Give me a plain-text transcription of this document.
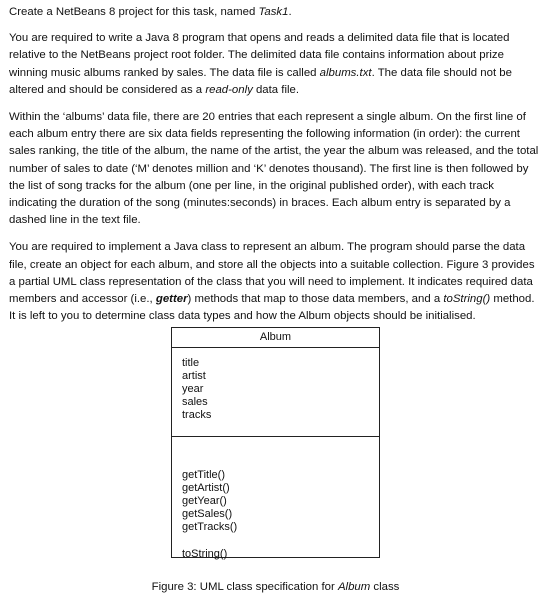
Create a NetBeans 8 project for this task, named Task1.

You are required to write a Java 8 program that opens and reads a delimited data file that is located relative to the NetBeans project root folder. The delimited data file contains information about prize winning music albums ranked by sales. The data file is called albums.txt. The data file should not be altered and should be considered as a read-only data file.

Within the ‘albums’ data file, there are 20 entries that each represent a single album. On the first line of each album entry there are six data fields representing the following information (in order): the current sales ranking, the title of the album, the name of the artist, the year the album was released, and the total number of sales to date (‘M’ denotes million and ‘K’ denotes thousand). The first line is then followed by the list of song tracks for the album (one per line, in the original published order), with each track indicating the duration of the song (minutes:seconds) in braces. Each album entry is separated by a dashed line in the text file.

You are required to implement a Java class to represent an album. The program should parse the data file, create an object for each album, and store all the objects into a suitable collection. Figure 3 provides a partial UML class representation of the class that you will need to implement. It indicates required data members and accessor (i.e., getter) methods that map to those data members, and a toString() method. It is left to you to determine class data types and how the Album objects should be initialised.

Album
title
artist
year
sales
tracks
getTitle()
getArtist()
getYear()
getSales()
getTracks()
toString()
Figure 3: UML class specification for Album class
